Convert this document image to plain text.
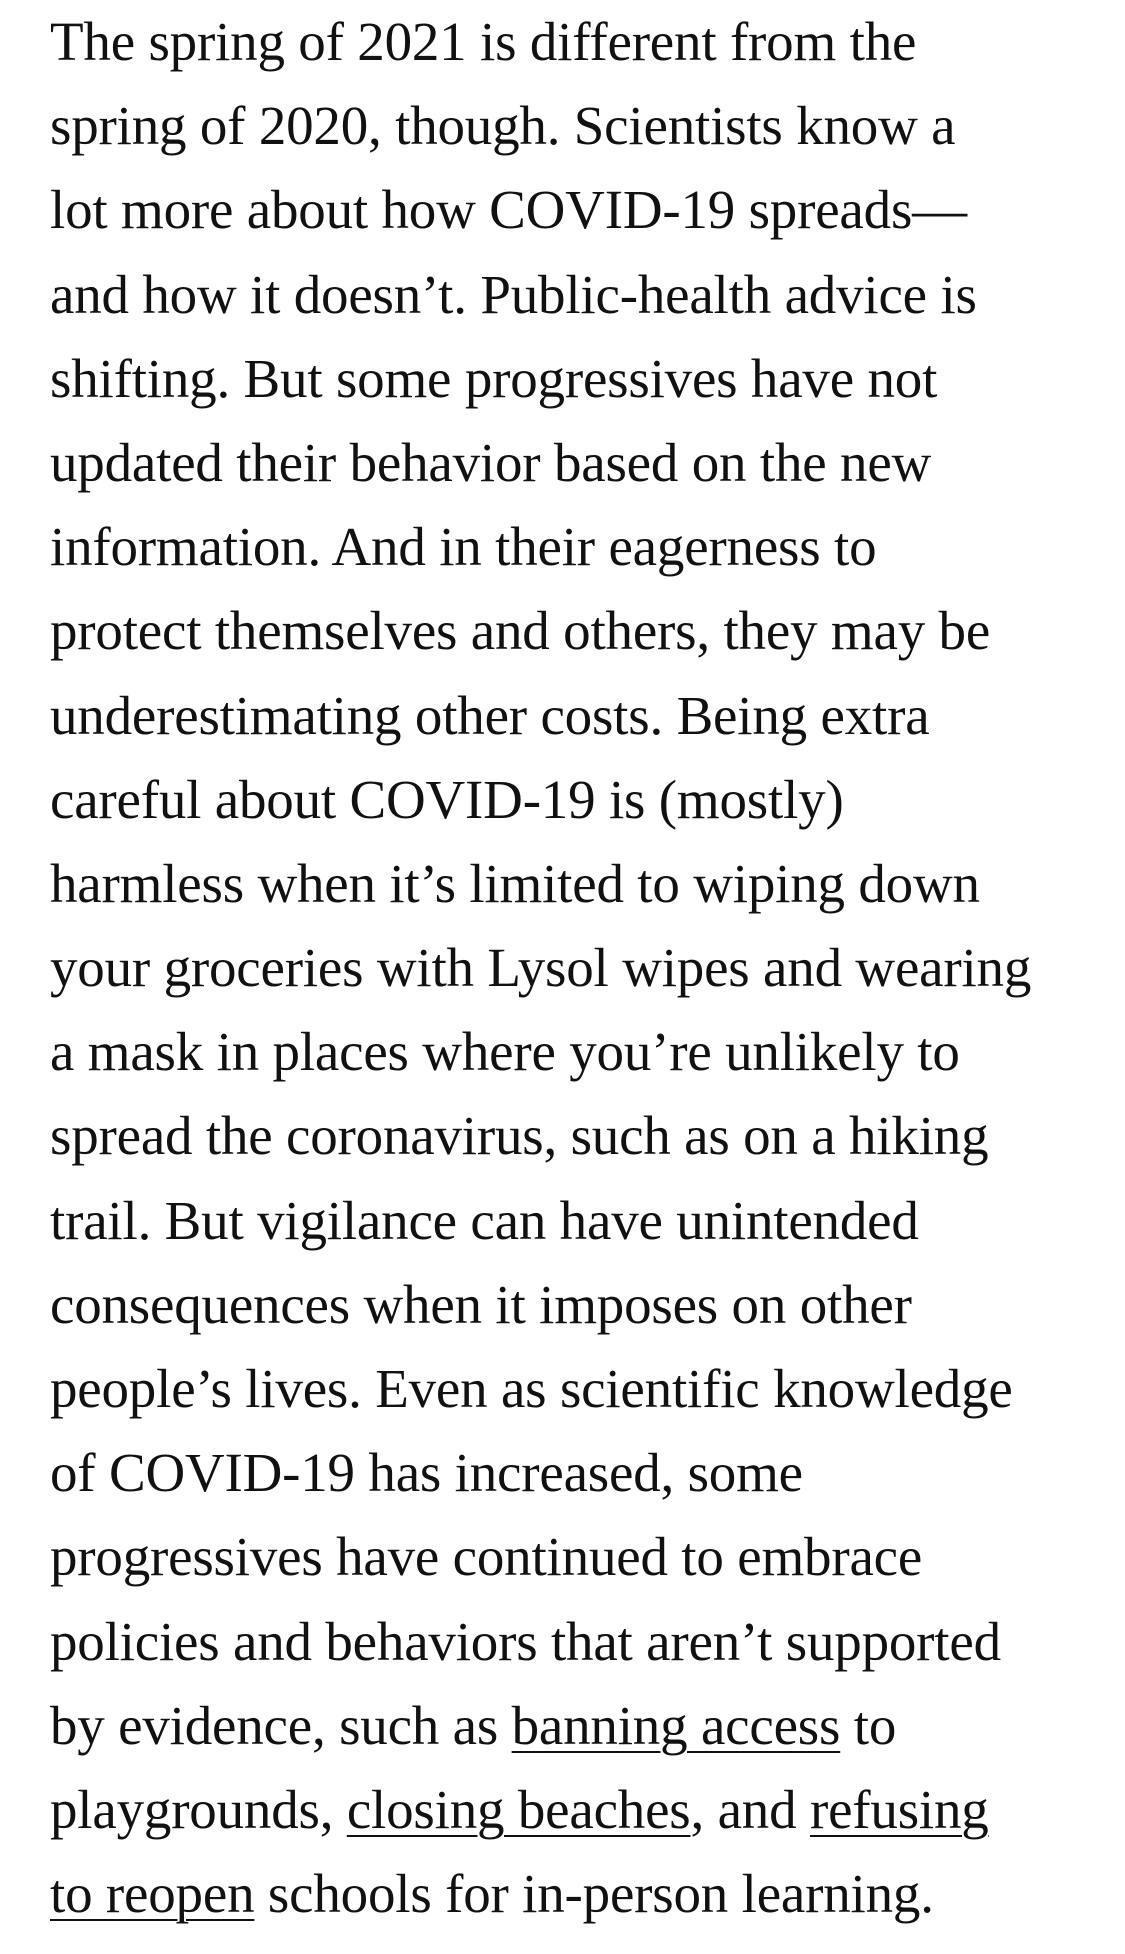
The spring of 2021 is different from the
spring of 2020, though. Scientists know a
lot more about how COVID-19 spreads—
and how it doesn’t. Public-health advice is
shifting. But some progressives have not
updated their behavior based on the new
information. And in their eagerness to
protect themselves and others, they may be
underestimating other costs. Being extra
careful about COVID-19 is (mostly)
harmless when it’s limited to wiping down
your groceries with Lysol wipes and wearing
a mask in places where you’re unlikely to
spread the coronavirus, such as on a hiking
trail. But vigilance can have unintended
consequences when it imposes on other
people’s lives. Even as scientific knowledge
of COVID-19 has increased, some
progressives have continued to embrace
policies and behaviors that aren’t supported
by evidence, such as banning access to
playgrounds, closing beaches, and refusing
to reopen schools for in-person learning.
